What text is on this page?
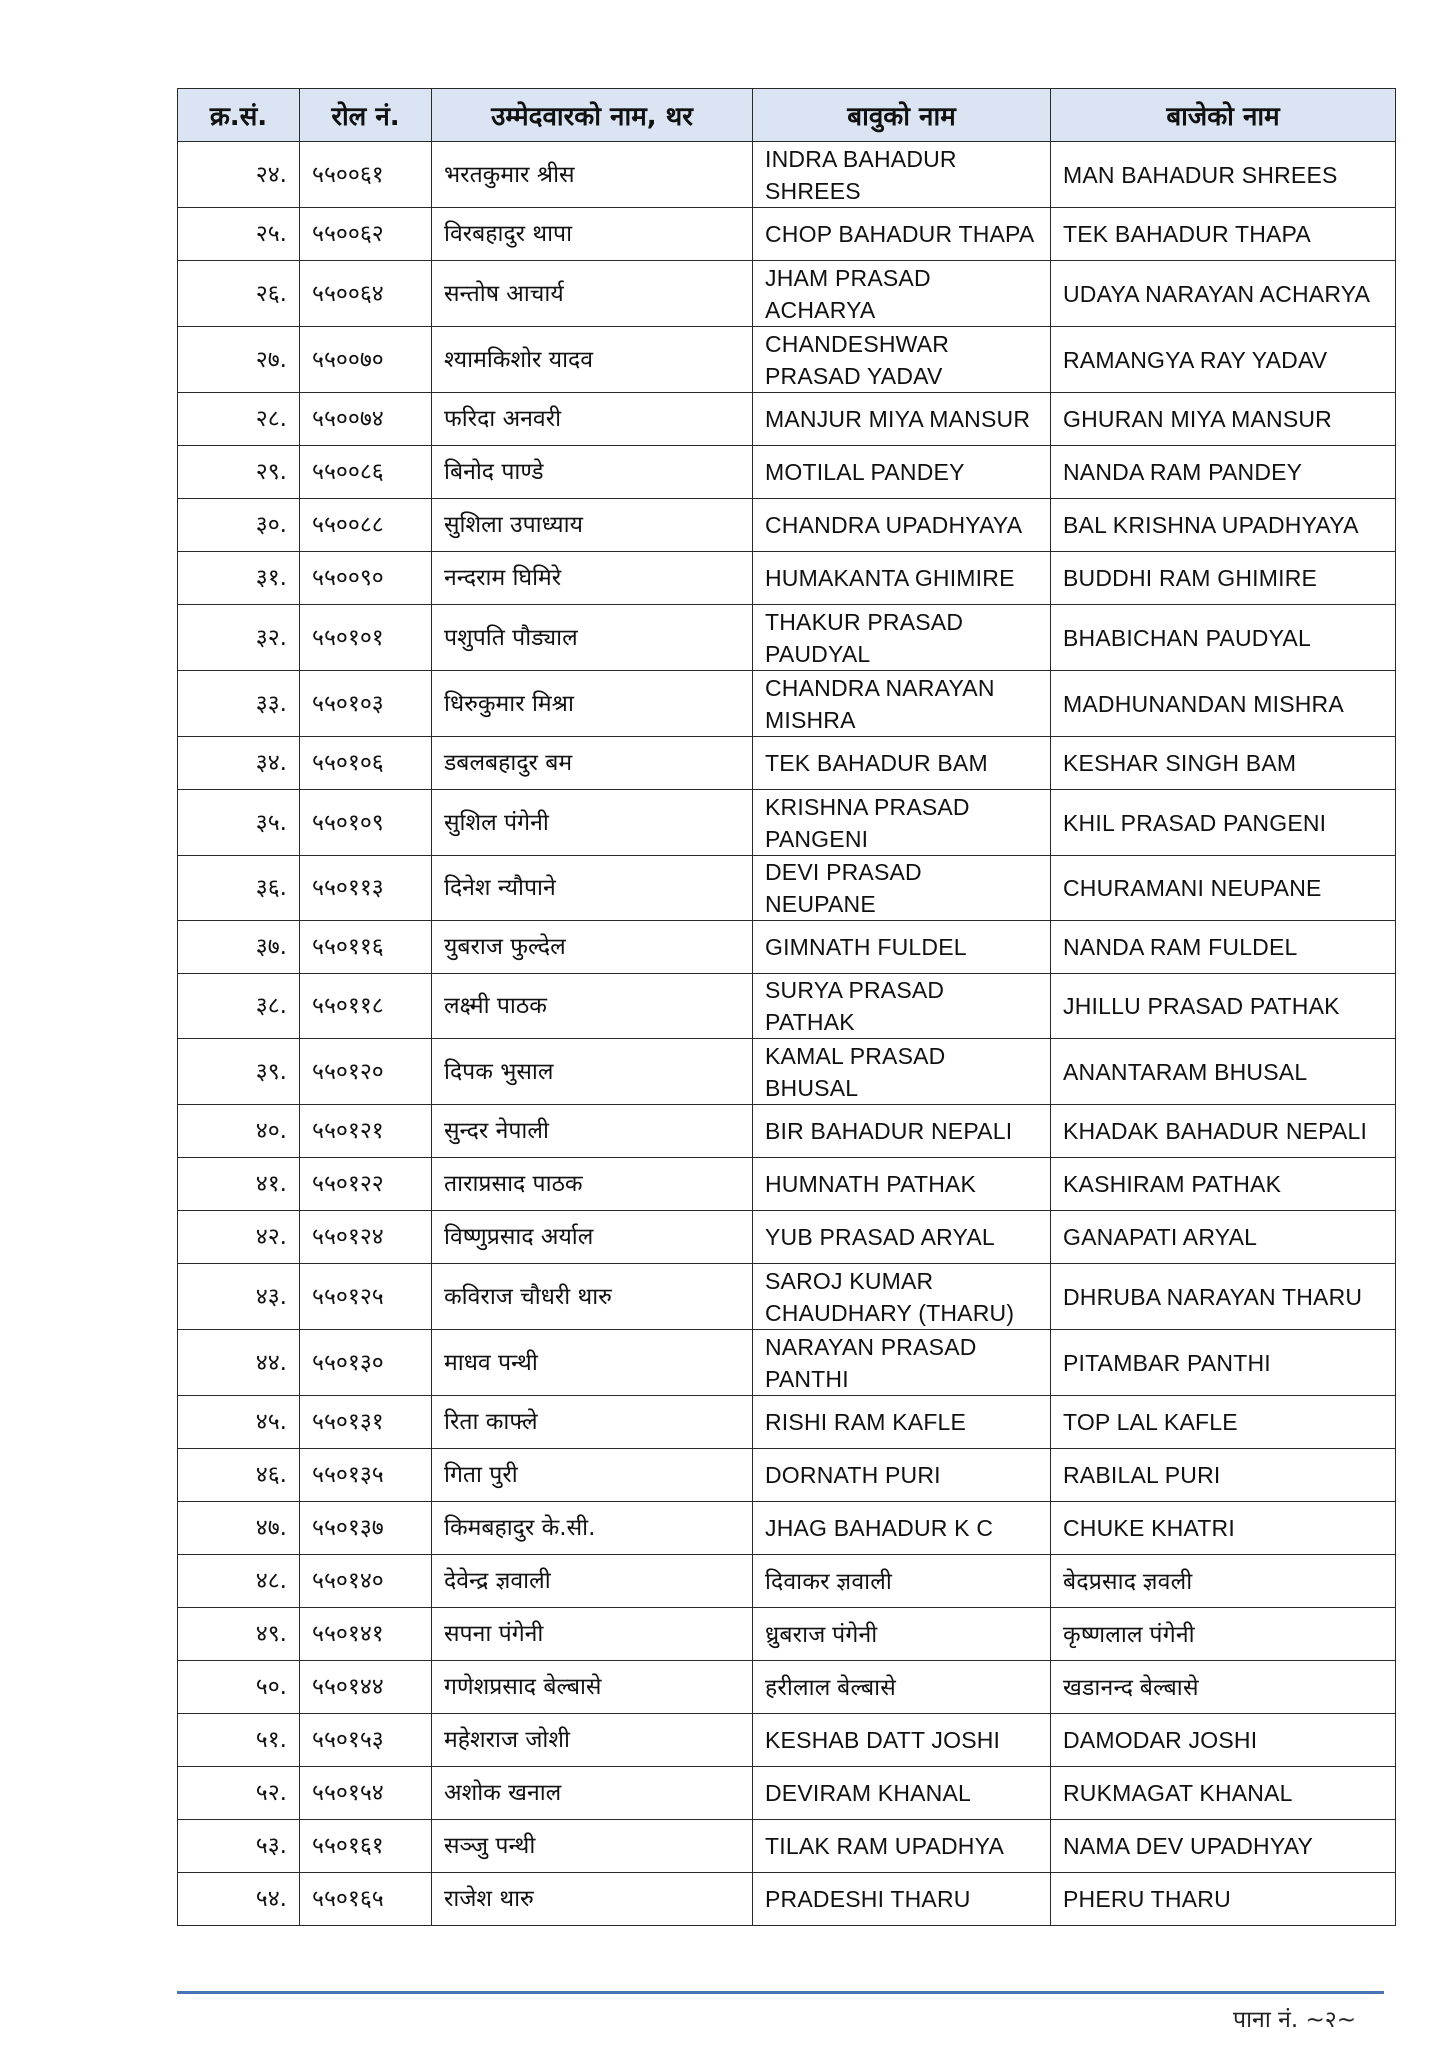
क्र.सं.	रोल नं.	उम्मेदवारको नाम, थर	बावुको नाम	बाजेको नाम
२४.	५५००६१	भरतकुमार श्रीस	INDRA BAHADUR SHREES	MAN BAHADUR SHREES
२५.	५५००६२	विरबहादुर थापा	CHOP BAHADUR THAPA	TEK BAHADUR THAPA
२६.	५५००६४	सन्तोष आचार्य	JHAM PRASAD ACHARYA	UDAYA NARAYAN ACHARYA
२७.	५५००७०	श्यामकिशोर यादव	CHANDESHWAR PRASAD YADAV	RAMANGYA RAY YADAV
२८.	५५००७४	फरिदा अनवरी	MANJUR MIYA MANSUR	GHURAN MIYA MANSUR
२९.	५५००८६	बिनोद पाण्डे	MOTILAL PANDEY	NANDA RAM PANDEY
३०.	५५००८८	सुशिला उपाध्याय	CHANDRA UPADHYAYA	BAL KRISHNA UPADHYAYA
३१.	५५००९०	नन्दराम घिमिरे	HUMAKANTA GHIMIRE	BUDDHI RAM GHIMIRE
३२.	५५०१०१	पशुपति पौड्याल	THAKUR PRASAD PAUDYAL	BHABICHAN PAUDYAL
३३.	५५०१०३	धिरुकुमार मिश्रा	CHANDRA NARAYAN MISHRA	MADHUNANDAN MISHRA
३४.	५५०१०६	डबलबहादुर बम	TEK BAHADUR BAM	KESHAR SINGH BAM
३५.	५५०१०९	सुशिल पंगेनी	KRISHNA PRASAD PANGENI	KHIL PRASAD PANGENI
३६.	५५०११३	दिनेश न्यौपाने	DEVI PRASAD NEUPANE	CHURAMANI NEUPANE
३७.	५५०११६	युबराज फुल्देल	GIMNATH FULDEL	NANDA RAM FULDEL
३८.	५५०११८	लक्ष्मी पाठक	SURYA PRASAD PATHAK	JHILLU PRASAD PATHAK
३९.	५५०१२०	दिपक भुसाल	KAMAL PRASAD BHUSAL	ANANTARAM BHUSAL
४०.	५५०१२१	सुन्दर नेपाली	BIR BAHADUR NEPALI	KHADAK BAHADUR NEPALI
४१.	५५०१२२	ताराप्रसाद पाठक	HUMNATH PATHAK	KASHIRAM PATHAK
४२.	५५०१२४	विष्णुप्रसाद अर्याल	YUB PRASAD ARYAL	GANAPATI ARYAL
४३.	५५०१२५	कविराज चौधरी थारु	SAROJ KUMAR CHAUDHARY (THARU)	DHRUBA NARAYAN THARU
४४.	५५०१३०	माधव पन्थी	NARAYAN PRASAD PANTHI	PITAMBAR PANTHI
४५.	५५०१३१	रिता काफ्ले	RISHI RAM KAFLE	TOP LAL KAFLE
४६.	५५०१३५	गिता पुरी	DORNATH PURI	RABILAL PURI
४७.	५५०१३७	किमबहादुर के.सी.	JHAG BAHADUR K C	CHUKE KHATRI
४८.	५५०१४०	देवेन्द्र ज्ञवाली	दिवाकर ज्ञवाली	बेदप्रसाद ज्ञवली
४९.	५५०१४१	सपना पंगेनी	ध्रुबराज पंगेनी	कृष्णलाल पंगेनी
५०.	५५०१४४	गणेशप्रसाद बेल्बासे	हरीलाल बेल्बासे	खडानन्द बेल्बासे
५१.	५५०१५३	महेशराज जोशी	KESHAB DATT JOSHI	DAMODAR JOSHI
५२.	५५०१५४	अशोक खनाल	DEVIRAM KHANAL	RUKMAGAT KHANAL
५३.	५५०१६१	सञ्जु पन्थी	TILAK RAM UPADHYA	NAMA DEV UPADHYAY
५४.	५५०१६५	राजेश थारु	PRADESHI THARU	PHERU THARU
पाना नं. ~२~
